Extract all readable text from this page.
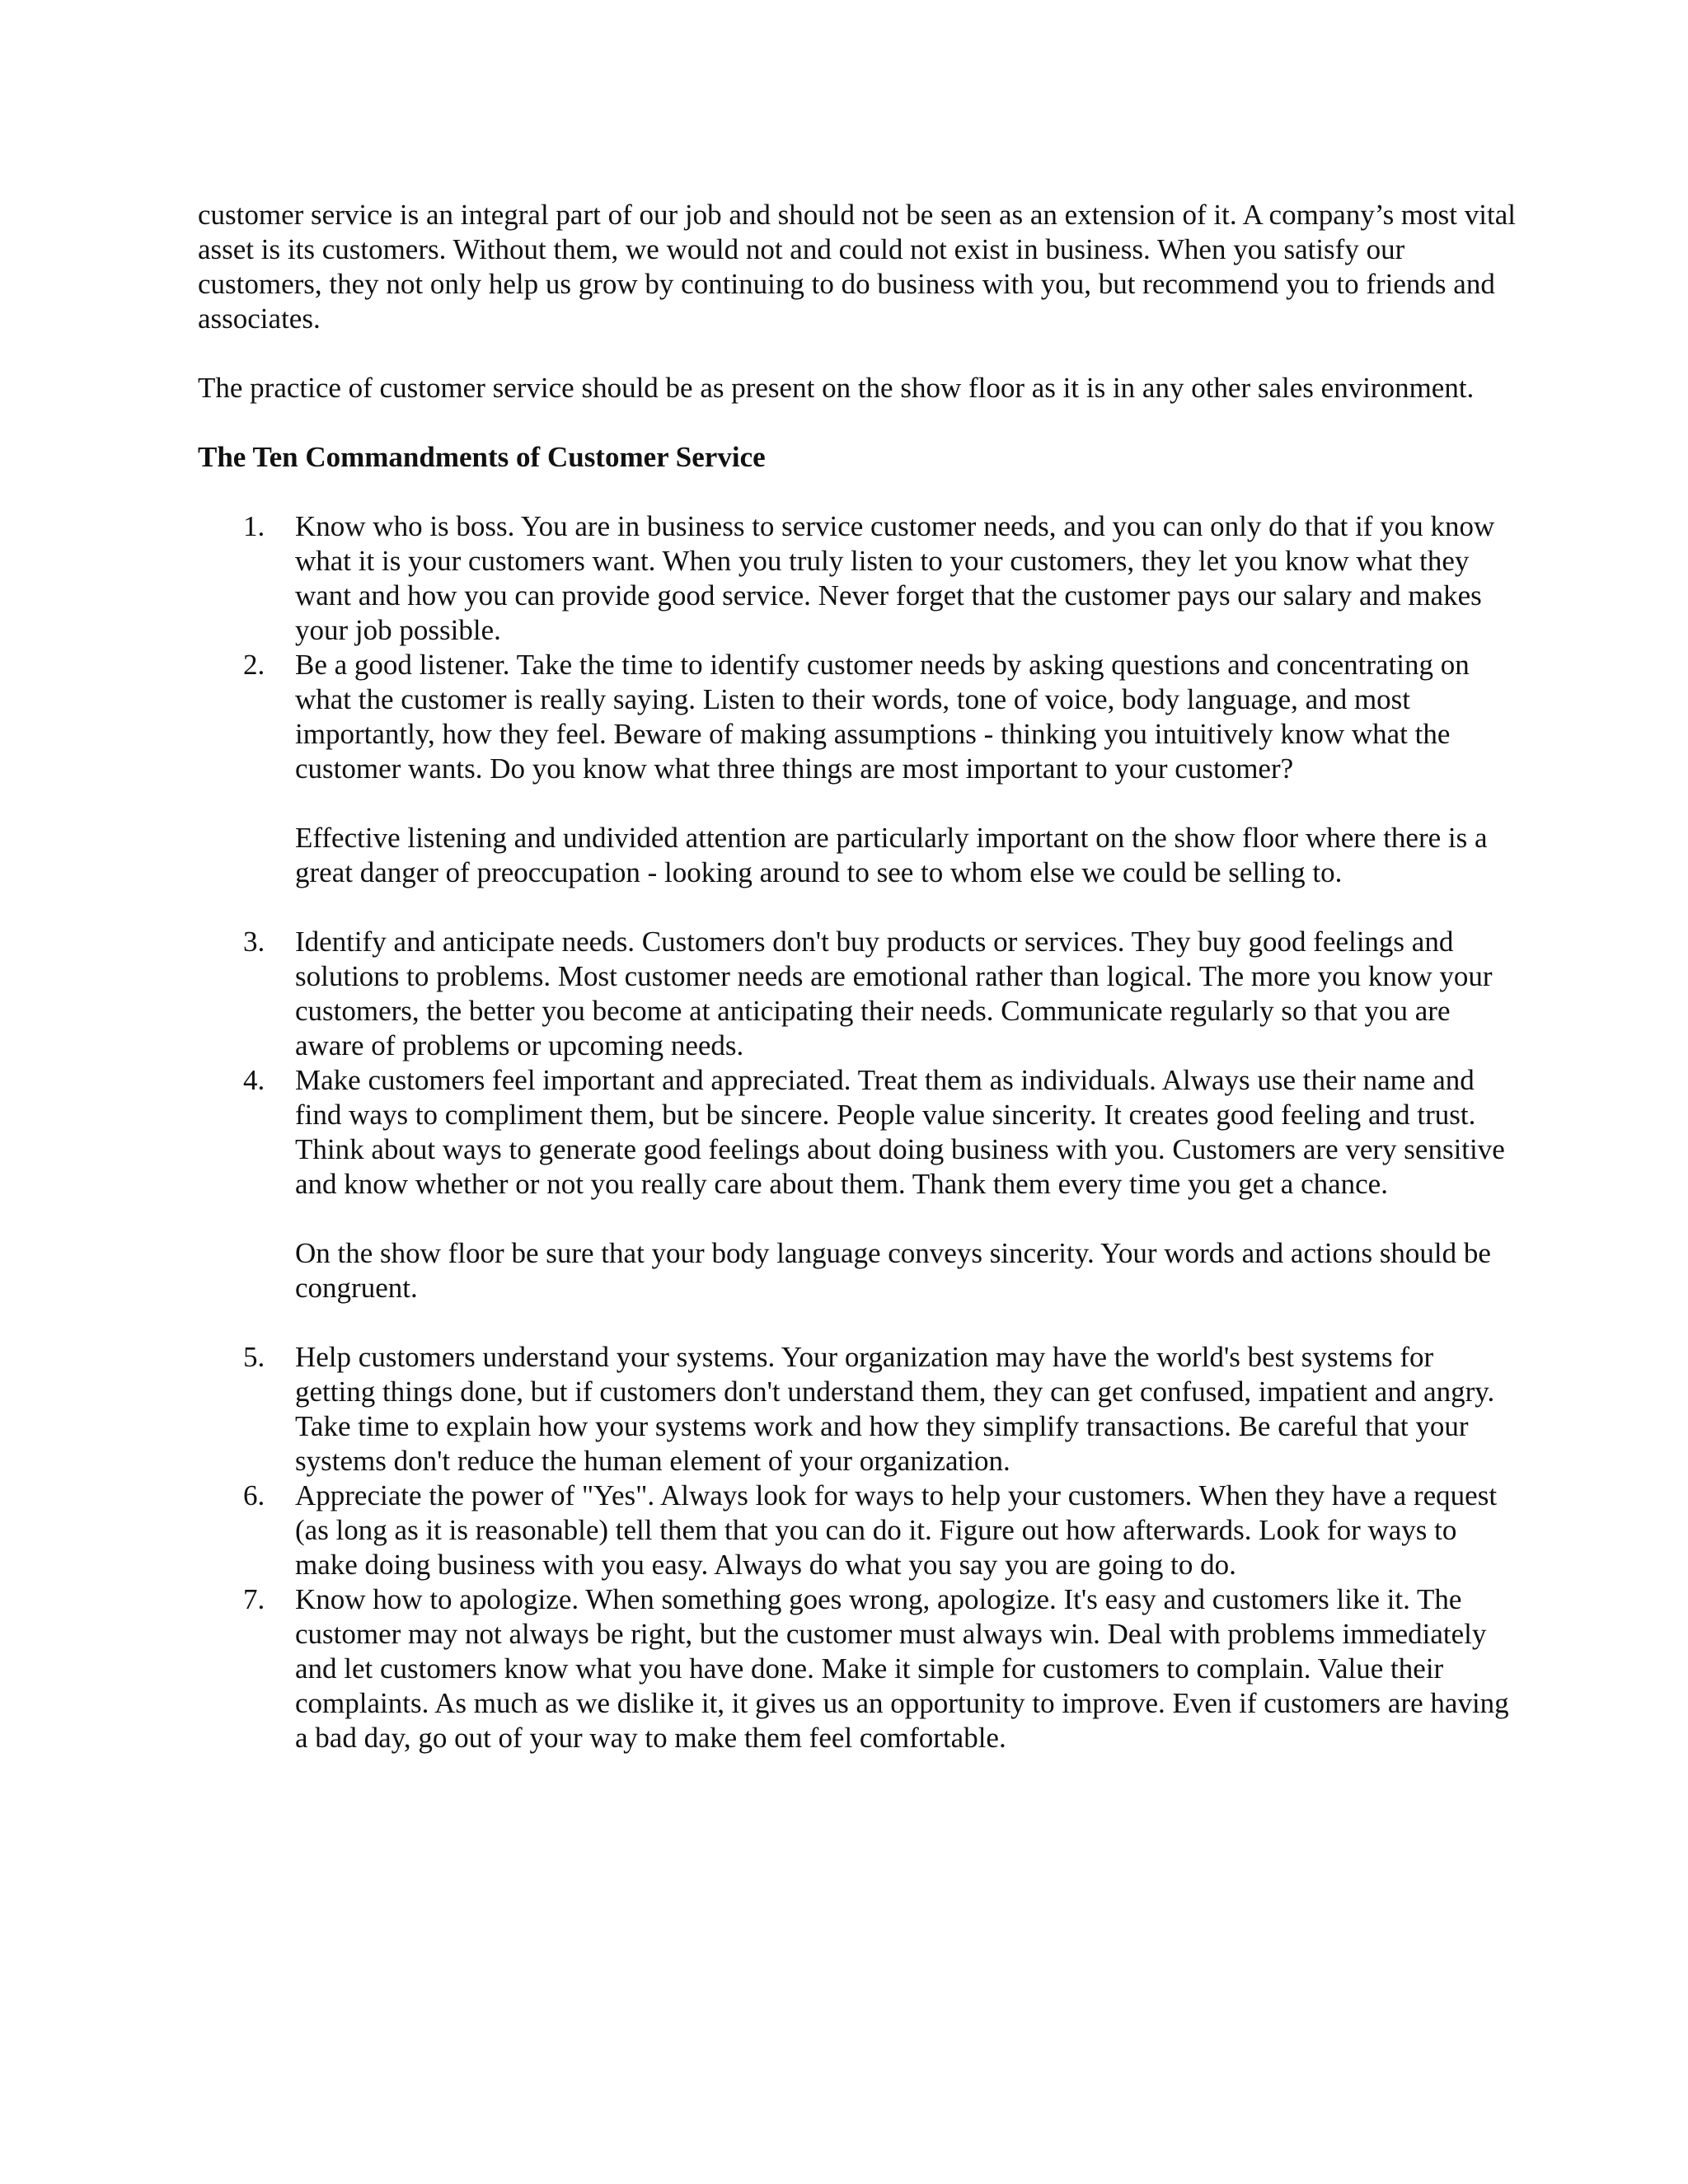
customer service is an integral part of our job and should not be seen as an extension of it. A company’s most vital asset is its customers. Without them, we would not and could not exist in business. When you satisfy our customers, they not only help us grow by continuing to do business with you, but recommend you to friends and associates.

The practice of customer service should be as present on the show floor as it is in any other sales environment.

The Ten Commandments of Customer Service

1. Know who is boss. You are in business to service customer needs, and you can only do that if you know what it is your customers want. When you truly listen to your customers, they let you know what they want and how you can provide good service. Never forget that the customer pays our salary and makes your job possible.

2. Be a good listener. Take the time to identify customer needs by asking questions and concentrating on what the customer is really saying. Listen to their words, tone of voice, body language, and most importantly, how they feel. Beware of making assumptions - thinking you intuitively know what the customer wants. Do you know what three things are most important to your customer?

Effective listening and undivided attention are particularly important on the show floor where there is a great danger of preoccupation - looking around to see to whom else we could be selling to.

3. Identify and anticipate needs. Customers don't buy products or services. They buy good feelings and solutions to problems. Most customer needs are emotional rather than logical. The more you know your customers, the better you become at anticipating their needs. Communicate regularly so that you are aware of problems or upcoming needs.

4. Make customers feel important and appreciated. Treat them as individuals. Always use their name and find ways to compliment them, but be sincere. People value sincerity. It creates good feeling and trust. Think about ways to generate good feelings about doing business with you. Customers are very sensitive and know whether or not you really care about them. Thank them every time you get a chance.

On the show floor be sure that your body language conveys sincerity. Your words and actions should be congruent.

5. Help customers understand your systems. Your organization may have the world's best systems for getting things done, but if customers don't understand them, they can get confused, impatient and angry. Take time to explain how your systems work and how they simplify transactions. Be careful that your systems don't reduce the human element of your organization.

6. Appreciate the power of "Yes". Always look for ways to help your customers. When they have a request (as long as it is reasonable) tell them that you can do it. Figure out how afterwards. Look for ways to make doing business with you easy. Always do what you say you are going to do.

7. Know how to apologize. When something goes wrong, apologize. It's easy and customers like it. The customer may not always be right, but the customer must always win. Deal with problems immediately and let customers know what you have done. Make it simple for customers to complain. Value their complaints. As much as we dislike it, it gives us an opportunity to improve. Even if customers are having a bad day, go out of your way to make them feel comfortable.
